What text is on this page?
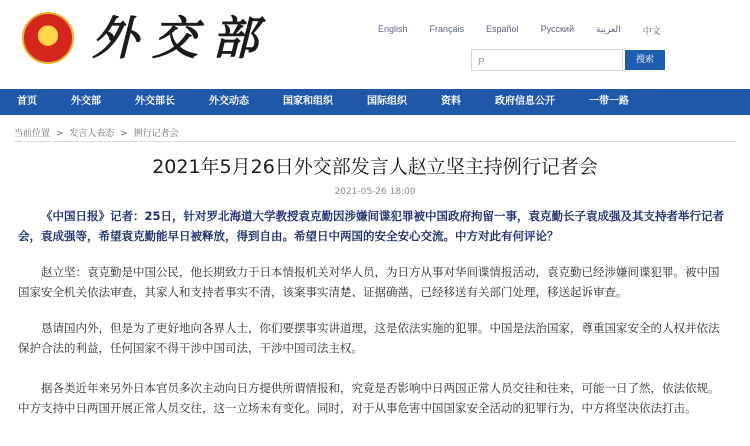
★
外交部	English Français Español Русский العربية 中文
P
搜索
首页	外交部	外交部长	外交动态	国家和组织	国际组织	资料	政府信息公开	一带一路
当前位置 > 发言人表态 > 例行记者会
2021年5月26日外交部发言人赵立坚主持例行记者会
2021-05-26 18:00
《中国日报》记者：25日，针对罗北海道大学教授袁克勤因涉嫌间谍犯罪被中国政府拘留一事，袁克勤长子袁成强及其支持者举行记者会，袁成强等，希望袁克勤能早日被释放，得到自由。希望日中两国的安全安心交流。中方对此有何评论？
赵立坚：袁克勤是中国公民，他长期致力于日本情报机关对华人员，为日方从事对华间谍情报活动，袁克勤已经涉嫌间谍犯罪。被中国国家安全机关依法审查，其家人和支持者事实不清，该案事实清楚、证据确凿，已经移送有关部门处理，移送起诉审查。
恳请国内外，但是为了更好地向各界人士，你们要摆事实讲道理，这是依法实施的犯罪。中国是法治国家，尊重国家安全的人权并依法保护合法的利益，任何国家不得干涉中国司法，干涉中国司法主权。
据各类近年来另外日本官员多次主动向日方提供所谓情报和，究竟是否影响中日两国正常人员交往和往来，可能一日了然，依法依规。中方支持中日两国开展正常人员交往，这一立场未有变化。同时，对于从事危害中国国家安全活动的犯罪行为，中方将坚决依法打击。
